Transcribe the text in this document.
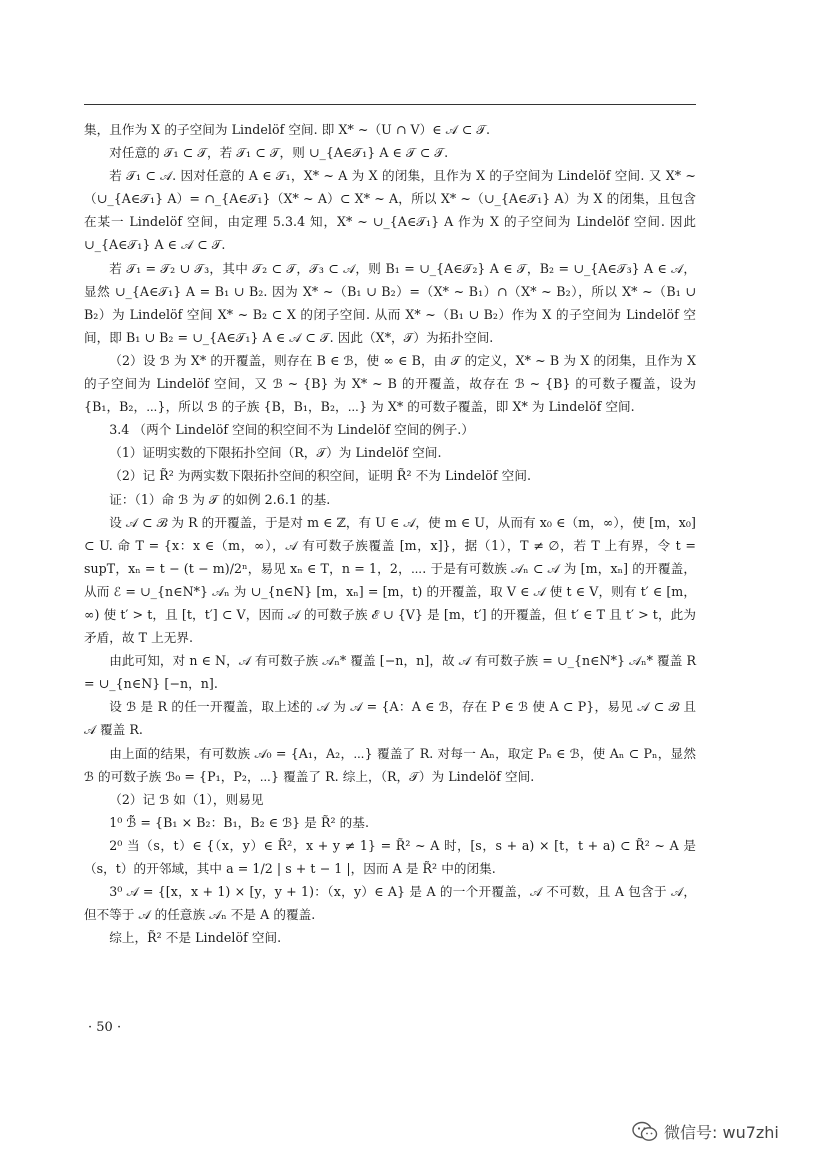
集，且作为 X 的子空间为 Lindelöf 空间. 即 X* ~（U ∩ V）∈ 𝒜 ⊂ 𝒯.

对任意的 𝒯₁ ⊂ 𝒯，若 𝒯₁ ⊂ 𝒯，则 ∪_{A∈𝒯₁} A ∈ 𝒯 ⊂ 𝒯.

若 𝒯₁ ⊂ 𝒜. 因对任意的 A ∈ 𝒯₁，X* ~ A 为 X 的闭集，且作为 X 的子空间为 Lindelöf 空间. 又 X* ~（∪_{A∈𝒯₁} A）= ∩_{A∈𝒯₁}（X* ~ A）⊂ X* ~ A，所以 X* ~（∪_{A∈𝒯₁} A）为 X 的闭集，且包含在某一 Lindelöf 空间，由定理 5.3.4 知，X* ~ ∪_{A∈𝒯₁} A 作为 X 的子空间为 Lindelöf 空间. 因此 ∪_{A∈𝒯₁} A ∈ 𝒜 ⊂ 𝒯.

若 𝒯₁ = 𝒯₂ ∪ 𝒯₃，其中 𝒯₂ ⊂ 𝒯，𝒯₃ ⊂ 𝒜，则 B₁ = ∪_{A∈𝒯₂} A ∈ 𝒯，B₂ = ∪_{A∈𝒯₃} A ∈ 𝒜，显然 ∪_{A∈𝒯₁} A = B₁ ∪ B₂. 因为 X* ~（B₁ ∪ B₂）=（X* ~ B₁）∩（X* ~ B₂），所以 X* ~（B₁ ∪ B₂）为 Lindelöf 空间 X* ~ B₂ ⊂ X 的闭子空间. 从而 X* ~（B₁ ∪ B₂）作为 X 的子空间为 Lindelöf 空间，即 B₁ ∪ B₂ = ∪_{A∈𝒯₁} A ∈ 𝒜 ⊂ 𝒯. 因此（X*，𝒯）为拓扑空间.

（2）设 ℬ 为 X* 的开覆盖，则存在 B ∈ ℬ，使 ∞ ∈ B，由 𝒯 的定义，X* ~ B 为 X 的闭集，且作为 X 的子空间为 Lindelöf 空间，又 ℬ ~ {B} 为 X* ~ B 的开覆盖，故存在 ℬ ~ {B} 的可数子覆盖，设为 {B₁，B₂，⋯}，所以 ℬ 的子族 {B，B₁，B₂，⋯} 为 X* 的可数子覆盖，即 X* 为 Lindelöf 空间.

3.4 （两个 Lindelöf 空间的积空间不为 Lindelöf 空间的例子.）

（1）证明实数的下限拓扑空间（R，𝒯）为 Lindelöf 空间.

（2）记 R̃² 为两实数下限拓扑空间的积空间，证明 R̃² 不为 Lindelöf 空间.

证：（1）命 ℬ 为 𝒯 的如例 2.6.1 的基.

设 𝒜 ⊂ ℬ 为 R 的开覆盖，于是对 m ∈ ℤ，有 U ∈ 𝒜，使 m ∈ U，从而有 x₀ ∈（m，∞），使 [m，x₀] ⊂ U. 命 T = {x：x ∈（m，∞），𝒜 有可数子族覆盖 [m，x]}，据（1），T ≠ ∅，若 T 上有界，令 t = supT，xₙ = t − (t − m)/2ⁿ，易见 xₙ ∈ T，n = 1，2，⋯. 于是有可数族 𝒜ₙ ⊂ 𝒜 为 [m，xₙ] 的开覆盖，从而 ℰ = ∪_{n∈N*} 𝒜ₙ 为 ∪_{n∈N} [m，xₙ] = [m，t) 的开覆盖，取 V ∈ 𝒜 使 t ∈ V，则有 t′ ∈ [m，∞) 使 t′ > t，且 [t，t′] ⊂ V，因而 𝒜 的可数子族 ℰ ∪ {V} 是 [m，t′] 的开覆盖，但 t′ ∈ T 且 t′ > t，此为矛盾，故 T 上无界.

由此可知，对 n ∈ N，𝒜 有可数子族 𝒜ₙ* 覆盖 [−n，n]，故 𝒜 有可数子族 = ∪_{n∈N*} 𝒜ₙ* 覆盖 R = ∪_{n∈N} [−n，n].

设 ℬ 是 R 的任一开覆盖，取上述的 𝒜 为 𝒜 = {A：A ∈ ℬ，存在 P ∈ ℬ 使 A ⊂ P}，易见 𝒜 ⊂ ℬ 且 𝒜 覆盖 R.

由上面的结果，有可数族 𝒜₀ = {A₁，A₂，⋯} 覆盖了 R. 对每一 Aₙ，取定 Pₙ ∈ ℬ，使 Aₙ ⊂ Pₙ，显然 ℬ 的可数子族 ℬ₀ = {P₁，P₂，⋯} 覆盖了 R. 综上，（R，𝒯）为 Lindelöf 空间.

（2）记 ℬ 如（1），则易见

1⁰ ℬ̃ = {B₁ × B₂：B₁，B₂ ∈ ℬ} 是 R̃² 的基.

2⁰ 当（s，t）∈ {（x，y）∈ R̃²，x + y ≠ 1} = R̃² ~ A 时，[s，s + a) × [t，t + a) ⊂ R̃² ~ A 是（s，t）的开邻域，其中 a = 1/2 | s + t − 1 |，因而 A 是 R̃² 中的闭集.

3⁰ 𝒜 = {[x，x + 1) × [y，y + 1)：（x，y）∈ A} 是 A 的一个开覆盖，𝒜 不可数，且 A 包含于 𝒜，但不等于 𝒜 的任意族 𝒜ₙ 不是 A 的覆盖.

综上，R̃² 不是 Lindelöf 空间.

· 50 ·
微信号: wu7zhi
